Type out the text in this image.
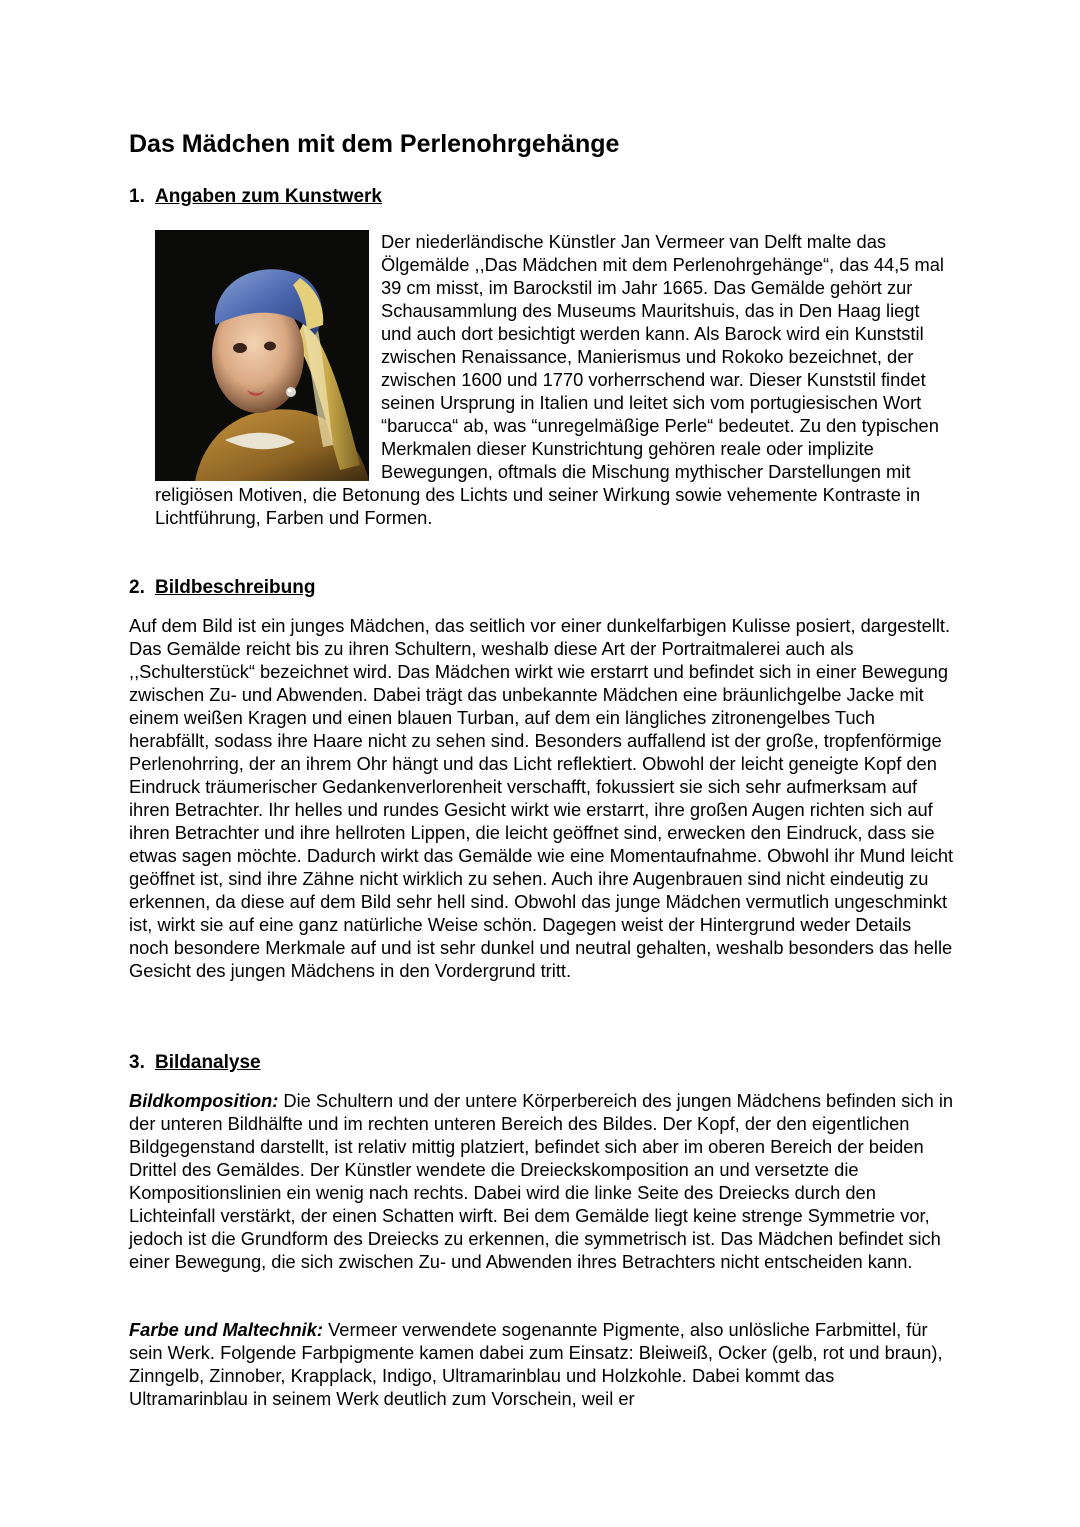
Das Mädchen mit dem Perlenohrgehänge
1. Angaben zum Kunstwerk

Der niederländische Künstler Jan Vermeer van Delft malte das Ölgemälde ,,Das Mädchen mit dem Perlenohrgehänge“, das 44,5 mal 39 cm misst, im Barockstil im Jahr 1665. Das Gemälde gehört zur Schausammlung des Museums Mauritshuis, das in Den Haag liegt und auch dort besichtigt werden kann. Als Barock wird ein Kunststil zwischen Renaissance, Manierismus und Rokoko bezeichnet, der zwischen 1600 und 1770 vorherrschend war. Dieser Kunststil findet seinen Ursprung in Italien und leitet sich vom portugiesischen Wort “barucca“ ab, was “unregelmäßige Perle“ bedeutet. Zu den typischen Merkmalen dieser Kunstrichtung gehören reale oder implizite Bewegungen, oftmals die Mischung mythischer Darstellungen mit religiösen Motiven, die Betonung des Lichts und seiner Wirkung sowie vehemente Kontraste in Lichtführung, Farben und Formen.

2. Bildbeschreibung

Auf dem Bild ist ein junges Mädchen, das seitlich vor einer dunkelfarbigen Kulisse posiert, dargestellt. Das Gemälde reicht bis zu ihren Schultern, weshalb diese Art der Portraitmalerei auch als ,,Schulterstück“ bezeichnet wird. Das Mädchen wirkt wie erstarrt und befindet sich in einer Bewegung zwischen Zu- und Abwenden. Dabei trägt das unbekannte Mädchen eine bräunlichgelbe Jacke mit einem weißen Kragen und einen blauen Turban, auf dem ein längliches zitronengelbes Tuch herabfällt, sodass ihre Haare nicht zu sehen sind. Besonders auffallend ist der große, tropfenförmige Perlenohrring, der an ihrem Ohr hängt und das Licht reflektiert. Obwohl der leicht geneigte Kopf den Eindruck träumerischer Gedankenverlorenheit verschafft, fokussiert sie sich sehr aufmerksam auf ihren Betrachter. Ihr helles und rundes Gesicht wirkt wie erstarrt, ihre großen Augen richten sich auf ihren Betrachter und ihre hellroten Lippen, die leicht geöffnet sind, erwecken den Eindruck, dass sie etwas sagen möchte. Dadurch wirkt das Gemälde wie eine Momentaufnahme. Obwohl ihr Mund leicht geöffnet ist, sind ihre Zähne nicht wirklich zu sehen. Auch ihre Augenbrauen sind nicht eindeutig zu erkennen, da diese auf dem Bild sehr hell sind. Obwohl das junge Mädchen vermutlich ungeschminkt ist, wirkt sie auf eine ganz natürliche Weise schön. Dagegen weist der Hintergrund weder Details noch besondere Merkmale auf und ist sehr dunkel und neutral gehalten, weshalb besonders das helle Gesicht des jungen Mädchens in den Vordergrund tritt.

3. Bildanalyse

Bildkomposition: Die Schultern und der untere Körperbereich des jungen Mädchens befinden sich in der unteren Bildhälfte und im rechten unteren Bereich des Bildes. Der Kopf, der den eigentlichen Bildgegenstand darstellt, ist relativ mittig platziert, befindet sich aber im oberen Bereich der beiden Drittel des Gemäldes. Der Künstler wendete die Dreieckskomposition an und versetzte die Kompositionslinien ein wenig nach rechts. Dabei wird die linke Seite des Dreiecks durch den Lichteinfall verstärkt, der einen Schatten wirft. Bei dem Gemälde liegt keine strenge Symmetrie vor, jedoch ist die Grundform des Dreiecks zu erkennen, die symmetrisch ist. Das Mädchen befindet sich einer Bewegung, die sich zwischen Zu- und Abwenden ihres Betrachters nicht entscheiden kann.

Farbe und Maltechnik: Vermeer verwendete sogenannte Pigmente, also unlösliche Farbmittel, für sein Werk. Folgende Farbpigmente kamen dabei zum Einsatz: Bleiweiß, Ocker (gelb, rot und braun), Zinngelb, Zinnober, Krapplack, Indigo, Ultramarinblau und Holzkohle. Dabei kommt das Ultramarinblau in seinem Werk deutlich zum Vorschein, weil er
